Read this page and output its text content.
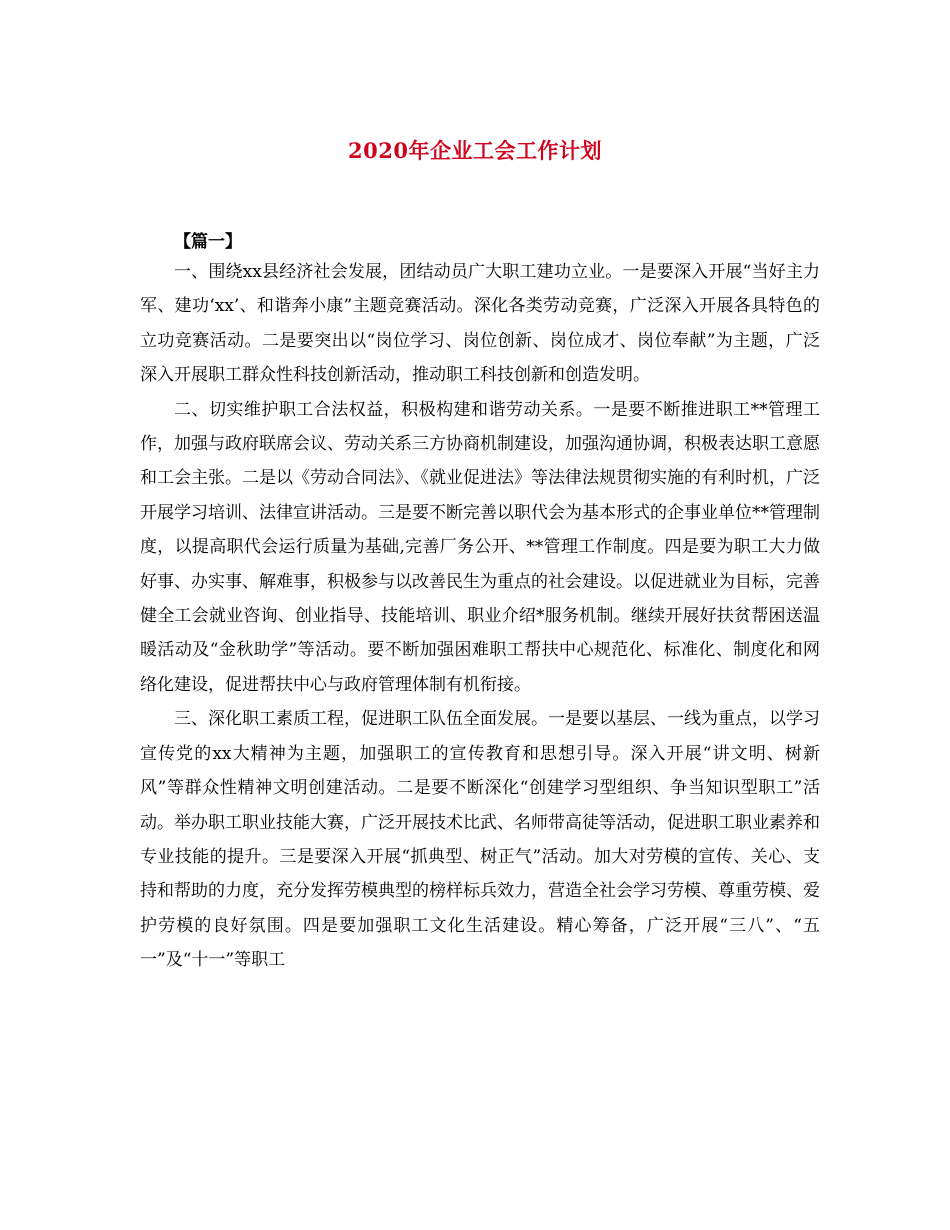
2020年企业工会工作计划
【篇一】

一、围绕xx县经济社会发展，团结动员广大职工建功立业。一是要深入开展“当好主力军、建功‘xx’、和谐奔小康”主题竞赛活动。深化各类劳动竞赛，广泛深入开展各具特色的立功竞赛活动。二是要突出以“岗位学习、岗位创新、岗位成才、岗位奉献”为主题，广泛深入开展职工群众性科技创新活动，推动职工科技创新和创造发明。

二、切实维护职工合法权益，积极构建和谐劳动关系。一是要不断推进职工**管理工作，加强与政府联席会议、劳动关系三方协商机制建设，加强沟通协调，积极表达职工意愿和工会主张。二是以《劳动合同法》、《就业促进法》等法律法规贯彻实施的有利时机，广泛开展学习培训、法律宣讲活动。三是要不断完善以职代会为基本形式的企事业单位**管理制度，以提高职代会运行质量为基础,完善厂务公开、**管理工作制度。四是要为职工大力做好事、办实事、解难事，积极参与以改善民生为重点的社会建设。以促进就业为目标，完善健全工会就业咨询、创业指导、技能培训、职业介绍*服务机制。继续开展好扶贫帮困送温暖活动及“金秋助学”等活动。要不断加强困难职工帮扶中心规范化、标准化、制度化和网络化建设，促进帮扶中心与政府管理体制有机衔接。

三、深化职工素质工程，促进职工队伍全面发展。一是要以基层、一线为重点，以学习宣传党的xx大精神为主题，加强职工的宣传教育和思想引导。深入开展“讲文明、树新风”等群众性精神文明创建活动。二是要不断深化“创建学习型组织、争当知识型职工”活动。举办职工职业技能大赛，广泛开展技术比武、名师带高徒等活动，促进职工职业素养和专业技能的提升。三是要深入开展“抓典型、树正气”活动。加大对劳模的宣传、关心、支持和帮助的力度，充分发挥劳模典型的榜样标兵效力，营造全社会学习劳模、尊重劳模、爱护劳模的良好氛围。四是要加强职工文化生活建设。精心筹备，广泛开展“三八”、“五一”及“十一”等职工
